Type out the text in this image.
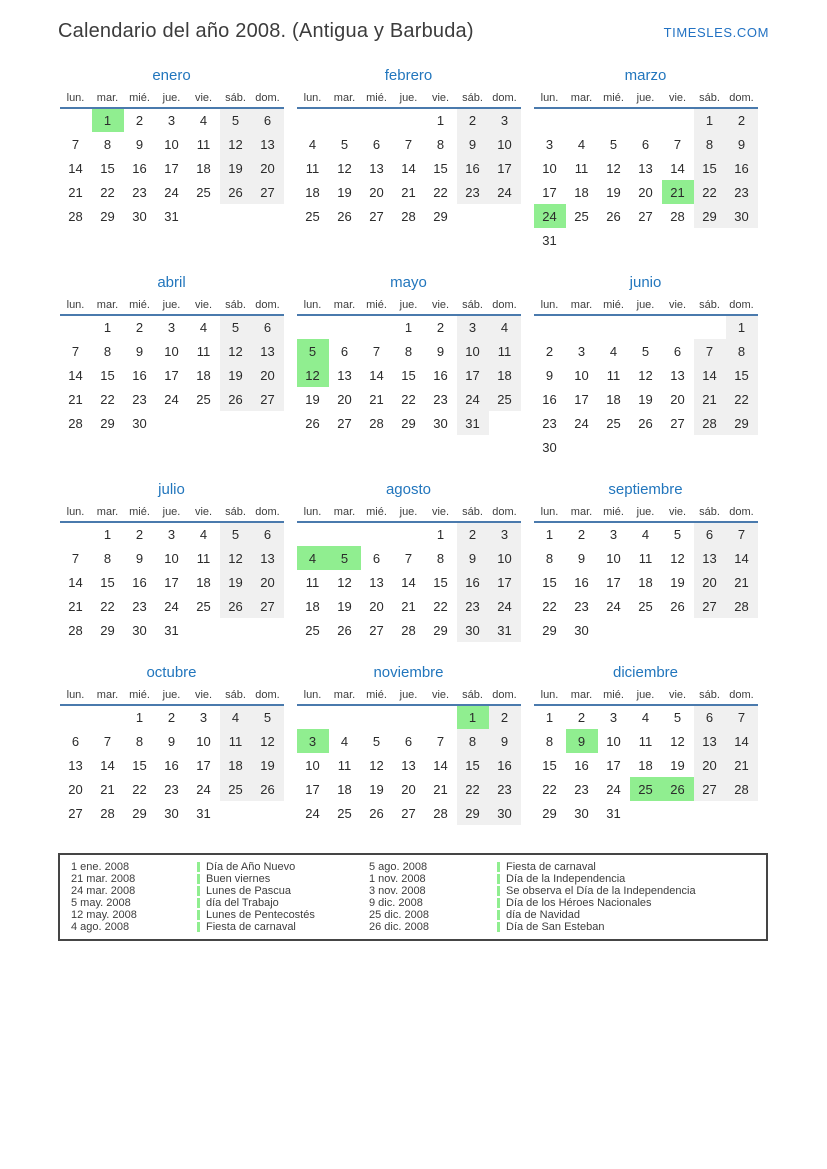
Calendario del año 2008. (Antigua y Barbuda)	TIMESLES.COM
enero
lun.	mar.	mié.	jue.	vie.	sáb.	dom.
	1	2	3	4	5	6
7	8	9	10	11	12	13
14	15	16	17	18	19	20
21	22	23	24	25	26	27
28	29	30	31			
febrero
lun.	mar.	mié.	jue.	vie.	sáb.	dom.
				1	2	3
4	5	6	7	8	9	10
11	12	13	14	15	16	17
18	19	20	21	22	23	24
25	26	27	28	29		
marzo
lun.	mar.	mié.	jue.	vie.	sáb.	dom.
					1	2
3	4	5	6	7	8	9
10	11	12	13	14	15	16
17	18	19	20	21	22	23
24	25	26	27	28	29	30
31						
abril
lun.	mar.	mié.	jue.	vie.	sáb.	dom.
	1	2	3	4	5	6
7	8	9	10	11	12	13
14	15	16	17	18	19	20
21	22	23	24	25	26	27
28	29	30				
mayo
lun.	mar.	mié.	jue.	vie.	sáb.	dom.
			1	2	3	4
5	6	7	8	9	10	11
12	13	14	15	16	17	18
19	20	21	22	23	24	25
26	27	28	29	30	31	
junio
lun.	mar.	mié.	jue.	vie.	sáb.	dom.
						1
2	3	4	5	6	7	8
9	10	11	12	13	14	15
16	17	18	19	20	21	22
23	24	25	26	27	28	29
30						
julio
lun.	mar.	mié.	jue.	vie.	sáb.	dom.
	1	2	3	4	5	6
7	8	9	10	11	12	13
14	15	16	17	18	19	20
21	22	23	24	25	26	27
28	29	30	31			
agosto
lun.	mar.	mié.	jue.	vie.	sáb.	dom.
				1	2	3
4	5	6	7	8	9	10
11	12	13	14	15	16	17
18	19	20	21	22	23	24
25	26	27	28	29	30	31
septiembre
lun.	mar.	mié.	jue.	vie.	sáb.	dom.
1	2	3	4	5	6	7
8	9	10	11	12	13	14
15	16	17	18	19	20	21
22	23	24	25	26	27	28
29	30					
octubre
lun.	mar.	mié.	jue.	vie.	sáb.	dom.
		1	2	3	4	5
6	7	8	9	10	11	12
13	14	15	16	17	18	19
20	21	22	23	24	25	26
27	28	29	30	31		
noviembre
lun.	mar.	mié.	jue.	vie.	sáb.	dom.
					1	2
3	4	5	6	7	8	9
10	11	12	13	14	15	16
17	18	19	20	21	22	23
24	25	26	27	28	29	30
diciembre
lun.	mar.	mié.	jue.	vie.	sáb.	dom.
1	2	3	4	5	6	7
8	9	10	11	12	13	14
15	16	17	18	19	20	21
22	23	24	25	26	27	28
29	30	31				
1 ene. 2008	Día de Año Nuevo
21 mar. 2008	Buen viernes
24 mar. 2008	Lunes de Pascua
5 may. 2008	día del Trabajo
12 may. 2008	Lunes de Pentecostés
4 ago. 2008	Fiesta de carnaval
5 ago. 2008	Fiesta de carnaval
1 nov. 2008	Día de la Independencia
3 nov. 2008	Se observa el Día de la Independencia
9 dic. 2008	Día de los Héroes Nacionales
25 dic. 2008	día de Navidad
26 dic. 2008	Día de San Esteban
